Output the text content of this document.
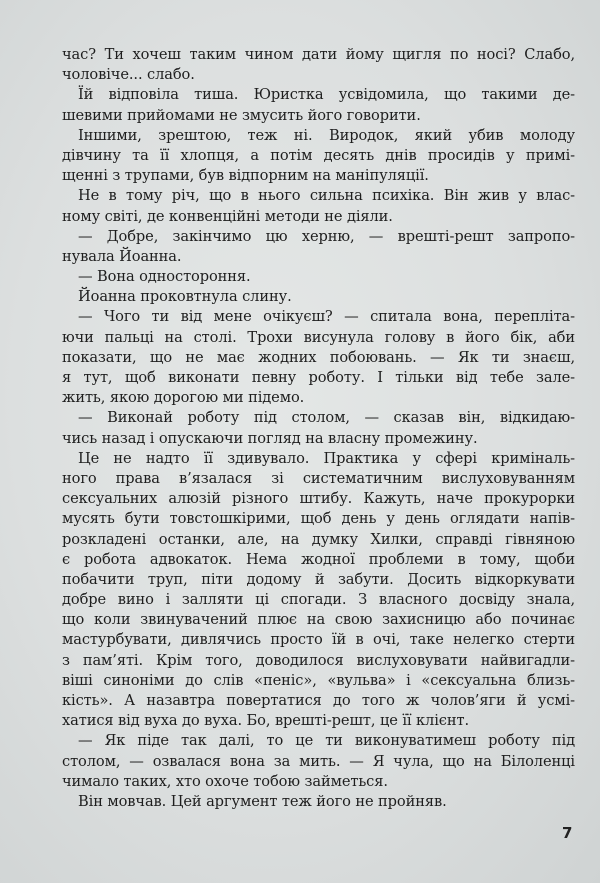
час? Ти хочеш таким чином дати йому щигля по носі? Слабо,
чоловіче... слабо.
Їй відповіла тиша. Юристка усвідомила, що такими де-
шевими прийомами не змусить його говорити.
Іншими, зрештою, теж ні. Виродок, який убив молоду
дівчину та її хлопця, а потім десять днів просидів у примі-
щенні з трупами, був відпорним на маніпуляції.
Не в тому річ, що в нього сильна психіка. Він жив у влас-
ному світі, де конвенційні методи не діяли.
— Добре, закінчимо цю херню, — врешті-решт запропо-
нувала Йоанна.
— Вона одностороння.
Йоанна проковтнула слину.
— Чого ти від мене очікуєш? — спитала вона, перепліта-
ючи пальці на столі. Трохи висунула голову в його бік, аби
показати, що не має жодних побоювань. — Як ти знаєш,
я тут, щоб виконати певну роботу. І тільки від тебе зале-
жить, якою дорогою ми підемо.
— Виконай роботу під столом, — сказав він, відкидаю-
чись назад і опускаючи погляд на власну промежину.
Це не надто її здивувало. Практика у сфері криміналь-
ного права в’язалася зі систематичним вислуховуванням
сексуальних алюзій різного штибу. Кажуть, наче прокурорки
мусять бути товстошкірими, щоб день у день оглядати напів-
розкладені останки, але, на думку Хилки, справді гівняною
є робота адвокаток. Нема жодної проблеми в тому, щоби
побачити труп, піти додому й забути. Досить відкоркувати
добре вино і залляти ці спогади. З власного досвіду знала,
що коли звинувачений плює на свою захисницю або починає
мастурбувати, дивлячись просто їй в очі, таке нелегко стерти
з пам’яті. Крім того, доводилося вислуховувати найвигадли-
віші синоніми до слів «пеніс», «вульва» і «сексуальна близь-
кість». А назавтра повертатися до того ж чолов’яги й усмі-
хатися від вуха до вуха. Бо, врешті-решт, це її клієнт.
— Як піде так далі, то це ти виконуватимеш роботу під
столом, — озвалася вона за мить. — Я чула, що на Білоленці
чимало таких, хто охоче тобою займеться.
Він мовчав. Цей аргумент теж його не пройняв.
7
